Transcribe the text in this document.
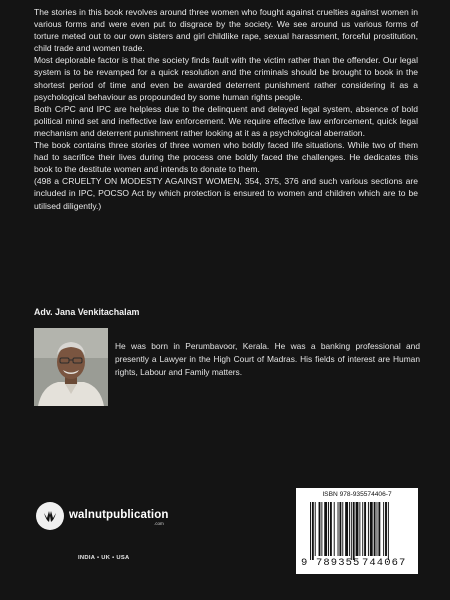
The stories in this book revolves around three women who fought against cruelties against women in various forms and were even put to disgrace by the society. We see around us various forms of torture meted out to our own sisters and girl childlike rape, sexual harassment, forceful prostitution, child trade and women trade.

Most deplorable factor is that the society finds fault with the victim rather than the offender. Our legal system is to be revamped for a quick resolution and the criminals should be brought to book in the shortest period of time and even be awarded deterrent punishment rather considering it as a psychological behaviour as propounded by some human rights people.

Both CrPC and IPC are helpless due to the delinquent and delayed legal system, absence of bold political mind set and ineffective law enforcement. We require effective law enforcement, quick legal mechanism and deterrent punishment rather looking at it as a psychological aberration.

The book contains three stories of three women who boldly faced life situations. While two of them had to sacrifice their lives during the process one boldly faced the challenges. He dedicates this book to the destitute women and intends to donate to them.

(498 a CRUELTY ON MODESTY AGAINST WOMEN, 354, 375, 376 and such various sections are included in IPC, POCSO Act by which protection is ensured to women and children which are to be utilised diligently.)

Adv. Jana Venkitachalam
He was born in Perumbavoor, Kerala. He was a banking professional and presently a Lawyer in the High Court of Madras. His fields of interest are Human rights, Labour and Family matters.
walnutpublication
.com
INDIA • UK • USA
ISBN 978-935574406-7
9 789355 744067
